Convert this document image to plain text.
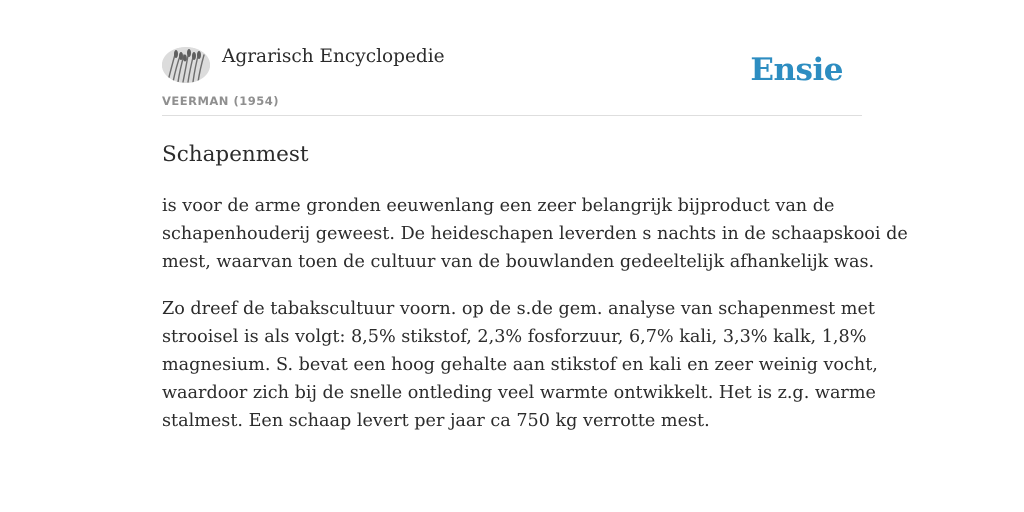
Agrarisch Encyclopedie
VEERMAN (1954)
Ensie
Schapenmest

is voor de arme gronden eeuwenlang een zeer belangrijk bijproduct van de
schapenhouderij geweest. De heideschapen leverden s nachts in de schaapskooi de
mest, waarvan toen de cultuur van de bouwlanden gedeeltelijk afhankelijk was.

Zo dreef de tabakscultuur voorn. op de s.de gem. analyse van schapenmest met
strooisel is als volgt: 8,5% stikstof, 2,3% fosforzuur, 6,7% kali, 3,3% kalk, 1,8%
magnesium. S. bevat een hoog gehalte aan stikstof en kali en zeer weinig vocht,
waardoor zich bij de snelle ontleding veel warmte ontwikkelt. Het is z.g. warme
stalmest. Een schaap levert per jaar ca 750 kg verrotte mest.
